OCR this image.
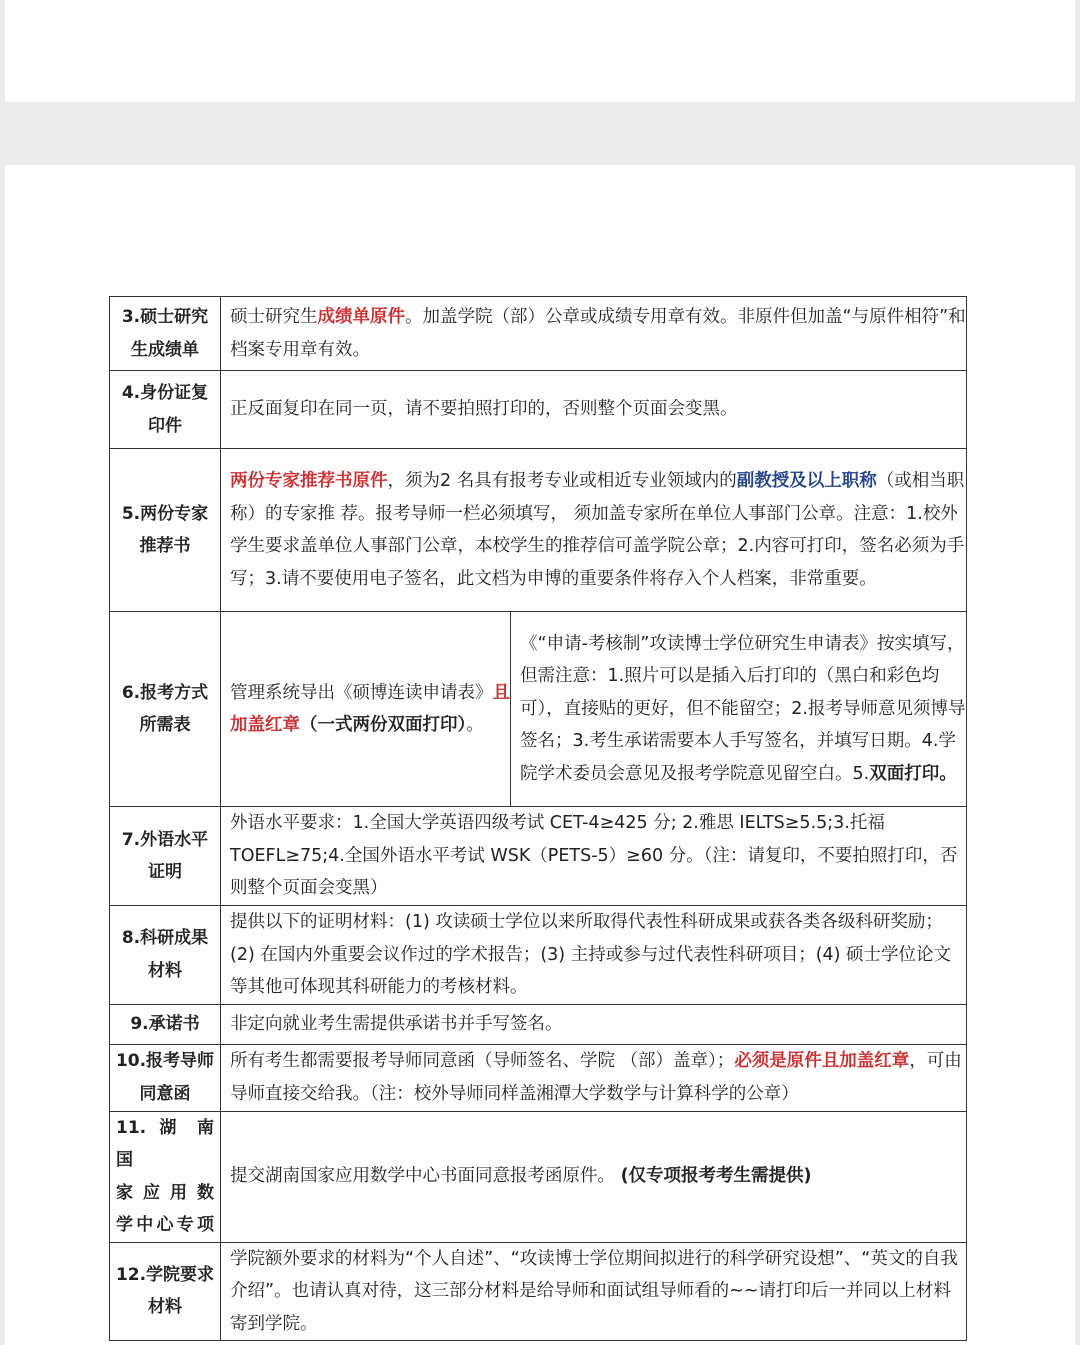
3.硕士研究
生成绩单	硕士研究生成绩单原件。加盖学院（部）公章或成绩专用章有效。非原件但加盖“与原件相符”和档案专用章有效。	

4.身份证复
印件	正反面复印在同一页，请不要拍照打印的，否则整个页面会变黑。	

5.两份专家
推荐书	两份专家推荐书原件，须为2 名具有报考专业或相近专业领域内的副教授及以上职称（或相当职称）的专家推 荐。报考导师一栏必须填写， 须加盖专家所在单位人事部门公章。注意：1.校外学生要求盖单位人事部门公章，本校学生的推荐信可盖学院公章；2.内容可打印，签名必须为手写；3.请不要使用电子签名，此文档为申博的重要条件将存入个人档案，非常重要。	

6.报考方式
所需表	管理系统导出《硕博连读申请表》且加盖红章（一式两份双面打印）。	《“申请-考核制”攻读博士学位研究生申请表》按实填写，但需注意：1.照片可以是插入后打印的（黑白和彩色均可），直接贴的更好，但不能留空；2.报考导师意见须博导签名；3.考生承诺需要本人手写签名，并填写日期。4.学院学术委员会意见及报考学院意见留空白。5.双面打印。

7.外语水平
证明	外语水平要求：1.全国大学英语四级考试 CET-4≥425 分; 2.雅思 IELTS≥5.5;3.托福TOEFL≥75;4.全国外语水平考试 WSK（PETS-5）≥60 分。（注：请复印，不要拍照打印，否则整个页面会变黑）	

8.科研成果
材料	提供以下的证明材料：(1) 攻读硕士学位以来所取得代表性科研成果或获各类各级科研奖励；(2) 在国内外重要会议作过的学术报告；(3) 主持或参与过代表性科研项目；(4) 硕士学位论文等其他可体现其科研能力的考核材料。	

9.承诺书	非定向就业考生需提供承诺书并手写签名。	

10.报考导师
同意函	所有考生都需要报考导师同意函（导师签名、学院 （部）盖章）；必须是原件且加盖红章，可由导师直接交给我。（注：校外导师同样盖湘潭大学数学与计算科学的公章）	

11. 湖 南 国
家 应 用 数
学中心专项	提交湖南国家应用数学中心书面同意报考函原件。 (仅专项报考考生需提供)	

12.学院要求
材料	学院额外要求的材料为“个人自述”、“攻读博士学位期间拟进行的科学研究设想”、“英文的自我介绍”。也请认真对待，这三部分材料是给导师和面试组导师看的~~请打印后一并同以上材料寄到学院。	
